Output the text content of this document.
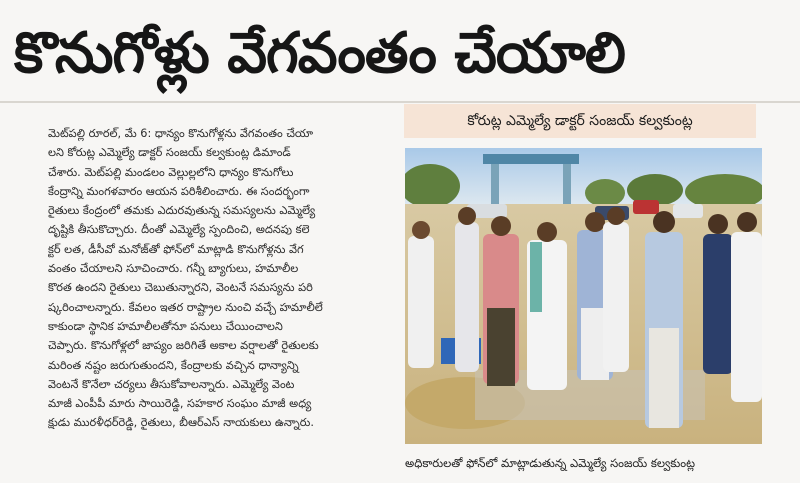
కొనుగోళ్లు వేగవంతం చేయాలి
మెట్‌పల్లి రూరల్, మే 6: ధాన్యం కొనుగోళ్లను వేగవంతం చేయా
లని కోరుట్ల ఎమ్మెల్యే డాక్టర్ సంజయ్ కల్వకుంట్ల డిమాండ్
చేశారు. మెట్‌పల్లి మండలం వెల్లుల్లలోని ధాన్యం కొనుగోలు
కేంద్రాన్ని మంగళవారం ఆయన పరిశీలించారు. ఈ సందర్భంగా
రైతులు కేంద్రంలో తమకు ఎదురవుతున్న సమస్యలను ఎమ్మెల్యే
దృష్టికి తీసుకొచ్చారు. దీంతో ఎమ్మెల్యే స్పందించి, అదనపు కలె
క్టర్ లత, డీసీవో మనోజ్‌తో ఫోన్‌లో మాట్లాడి కొనుగోళ్లను వేగ
వంతం చేయాలని సూచించారు. గన్నీ బ్యాగులు, హమాలీల
కొరత ఉందని రైతులు చెబుతున్నారని, వెంటనే సమస్యను పరి
ష్కరించాలన్నారు. కేవలం ఇతర రాష్ట్రాల నుంచి వచ్చే హమాలీలే
కాకుండా స్థానిక హమాలీలతోనూ పనులు చేయించాలని
చెప్పారు. కొనుగోళ్లలో జాప్యం జరిగితే అకాల వర్షాలతో రైతులకు
మరింత నష్టం జరుగుతుందని, కేంద్రాలకు వచ్చిన ధాన్యాన్ని
వెంటనే కొనేలా చర్యలు తీసుకోవాలన్నారు. ఎమ్మెల్యే వెంట
మాజీ ఎంపీపీ మారు సాయిరెడ్డి, సహకార సంఘం మాజీ అధ్య
క్షుడు మురళీధర్‌రెడ్డి, రైతులు, బీఆర్ఎస్ నాయకులు ఉన్నారు.
కోరుట్ల ఎమ్మెల్యే డాక్టర్ సంజయ్ కల్వకుంట్ల
అధికారులతో ఫోన్‌లో మాట్లాడుతున్న ఎమ్మెల్యే సంజయ్ కల్వకుంట్ల
